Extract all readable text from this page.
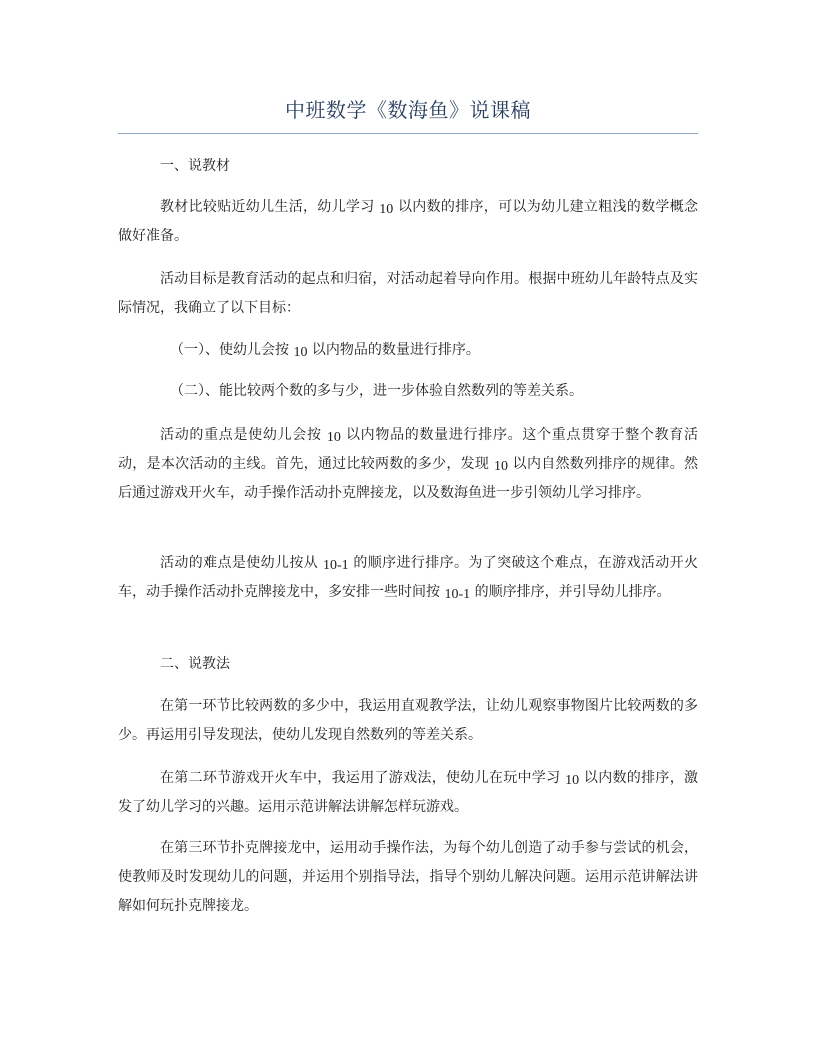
中班数学《数海鱼》说课稿

一、说教材

教材比较贴近幼儿生活，幼儿学习 10 以内数的排序，可以为幼儿建立粗浅的数学概念做好准备。

活动目标是教育活动的起点和归宿，对活动起着导向作用。根据中班幼儿年龄特点及实际情况，我确立了以下目标：

（一）、使幼儿会按 10 以内物品的数量进行排序。

（二）、能比较两个数的多与少，进一步体验自然数列的等差关系。

活动的重点是使幼儿会按 10 以内物品的数量进行排序。这个重点贯穿于整个教育活动，是本次活动的主线。首先，通过比较两数的多少，发现 10 以内自然数列排序的规律。然后通过游戏开火车，动手操作活动扑克牌接龙，以及数海鱼进一步引领幼儿学习排序。

活动的难点是使幼儿按从 10-1 的顺序进行排序。为了突破这个难点，在游戏活动开火车，动手操作活动扑克牌接龙中，多安排一些时间按 10-1 的顺序排序，并引导幼儿排序。

二、说教法

在第一环节比较两数的多少中，我运用直观教学法，让幼儿观察事物图片比较两数的多少。再运用引导发现法，使幼儿发现自然数列的等差关系。

在第二环节游戏开火车中，我运用了游戏法，使幼儿在玩中学习 10 以内数的排序，激发了幼儿学习的兴趣。运用示范讲解法讲解怎样玩游戏。

在第三环节扑克牌接龙中，运用动手操作法，为每个幼儿创造了动手参与尝试的机会，使教师及时发现幼儿的问题，并运用个别指导法，指导个别幼儿解决问题。运用示范讲解法讲解如何玩扑克牌接龙。
